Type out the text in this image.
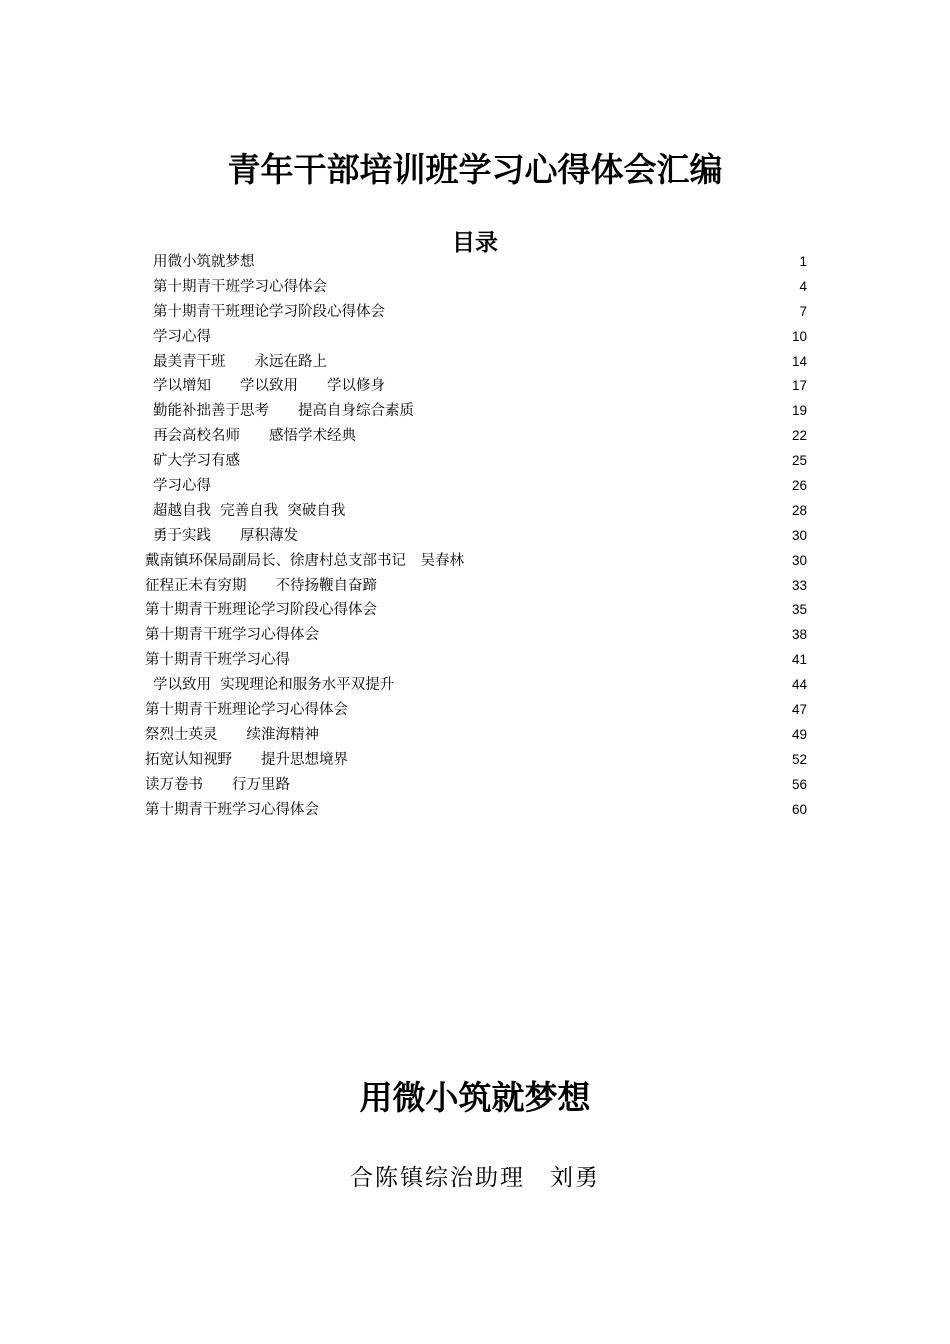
青年干部培训班学习心得体会汇编
目录
用微小筑就梦想	1
第十期青干班学习心得体会	4
第十期青干班理论学习阶段心得体会	7
学习心得	10
最美青干班　　永远在路上	14
学以增知　　学以致用　　学以修身	17
勤能补拙善于思考　　提高自身综合素质	19
再会高校名师　　感悟学术经典	22
矿大学习有感	25
学习心得	26
超越自我  完善自我  突破自我	28
勇于实践　　厚积薄发	30
戴南镇环保局副局长、徐唐村总支部书记　吴春林	30
征程正未有穷期　　不待扬鞭自奋蹄	33
第十期青干班理论学习阶段心得体会	35
第十期青干班学习心得体会	38
第十期青干班学习心得	41
学以致用  实现理论和服务水平双提升	44
第十期青干班理论学习心得体会	47
祭烈士英灵　　续淮海精神	49
拓宽认知视野　　提升思想境界	52
读万卷书　　行万里路	56
第十期青干班学习心得体会	60
用微小筑就梦想
合陈镇综治助理　刘勇
